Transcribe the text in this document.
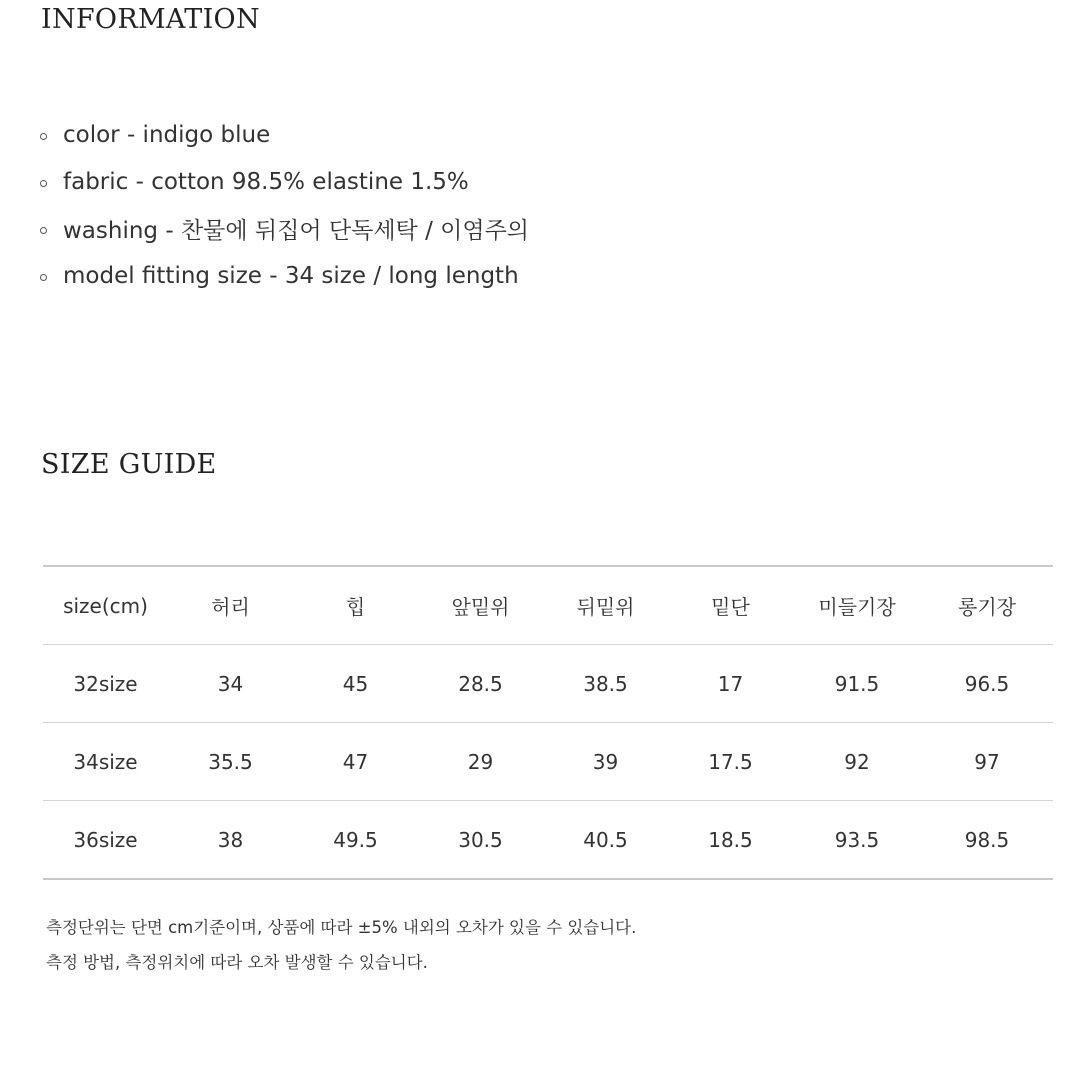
INFORMATION
color - indigo blue
fabric - cotton 98.5% elastine 1.5%
washing - 찬물에 뒤집어 단독세탁 / 이염주의
model fitting size - 34 size / long length
SIZE GUIDE
size(cm)	허리	힙	앞밑위	뒤밑위	밑단	미들기장	롱기장
32size	34	45	28.5	38.5	17	91.5	96.5
34size	35.5	47	29	39	17.5	92	97
36size	38	49.5	30.5	40.5	18.5	93.5	98.5
측정단위는 단면 cm기준이며, 상품에 따라 ±5% 내외의 오차가 있을 수 있습니다.
측정 방법, 측정위치에 따라 오차 발생할 수 있습니다.
